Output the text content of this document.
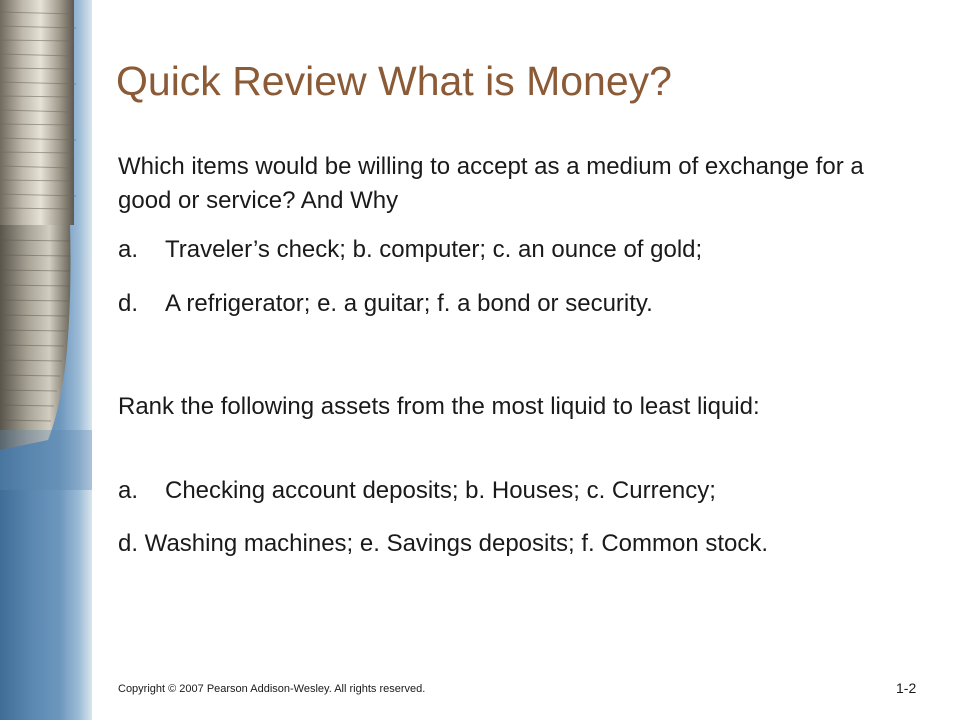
Quick Review What is Money?
Which items would be willing to accept as a medium of exchange for a good or service? And Why
a. Traveler’s check; b. computer; c. an ounce of gold;
d. A refrigerator; e. a guitar; f. a bond or security.
Rank the following assets from the most liquid to least liquid:
a. Checking account deposits; b. Houses; c. Currency;
d. Washing machines; e. Savings deposits; f. Common stock.
Copyright © 2007 Pearson Addison-Wesley. All rights reserved.	1-2
